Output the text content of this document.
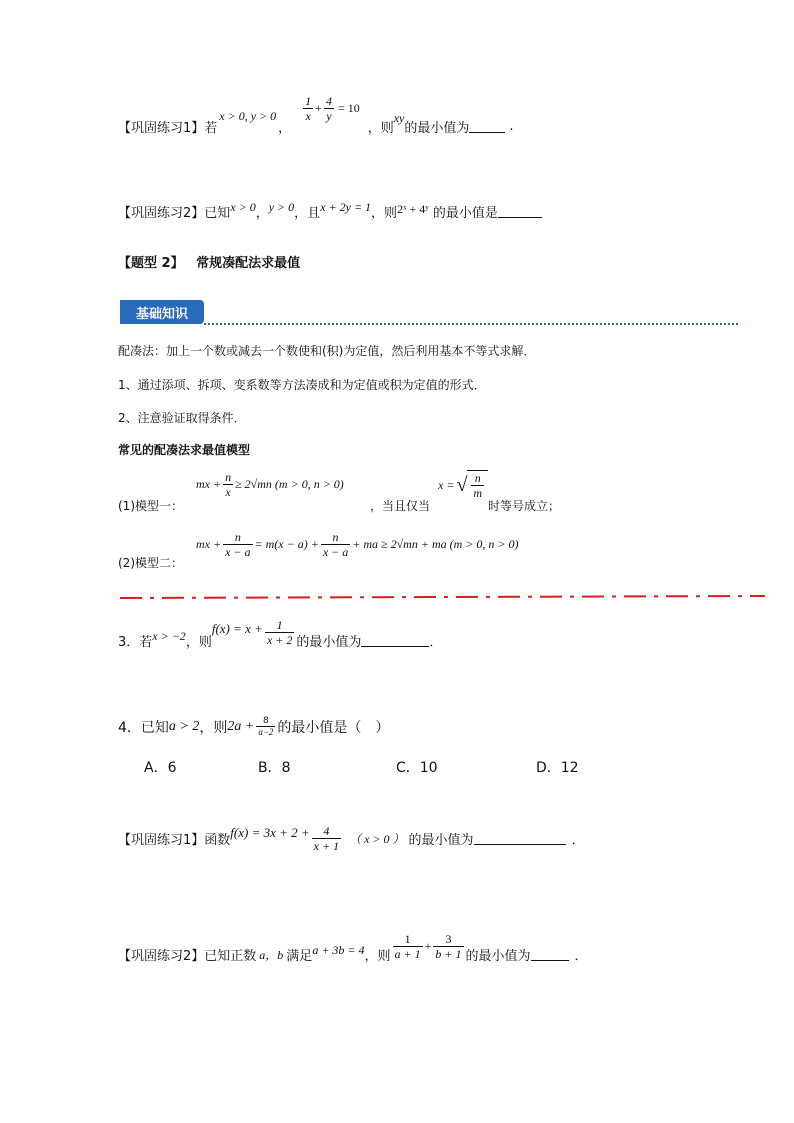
【巩固练习1】若
x > 0, y > 0
，
$\frac{1}{x} + \frac{4}{y} = 10$
，则
xy
的最小值为	.
【巩固练习2】已知 x > 0 ， y > 0 ，且 x + 2y = 1 ，则 2ˣ + 4ʸ 的最小值是
【题型 2】 常规凑配法求最值
基础知识
配凑法：加上一个数或减去一个数使和(积)为定值，然后利用基本不等式求解．
1、通过添项、拆项、变系数等方法凑成和为定值或积为定值的形式．
2、注意验证取得条件．
常见的配凑法求最值模型
(1)模型一：
mx + $\frac{n}{x} \ge 2√mn$ (m > 0, n > 0)
，当且仅当
x = √ $\frac{n}{m}$
时等号成立；
mx + $\frac{n}{x - a} = m(x - a) + \frac{n}{x - a}$ + ma ≥ 2√mn + ma (m > 0, n > 0)
(2)模型二：
3．若 x > −2 ，则
$f(x) = x + \frac{1}{x + 2}$ 的最小值为	．
4．已知 a > 2 ，则 $2a + \frac{8}{a-2}$ 的最小值是（　）
A．6	B．8	C．10	D．12
【巩固练习1】函数
$f(x) = 3x + 2 + \frac{4}{x + 1}$ （ x > 0 ） 的最小值为	．
【巩固练习2】已知正数 a，b 满足 a + 3b = 4 ，则 $\frac{1}{a + 1} + \frac{3}{b + 1}$ 的最小值为	．
